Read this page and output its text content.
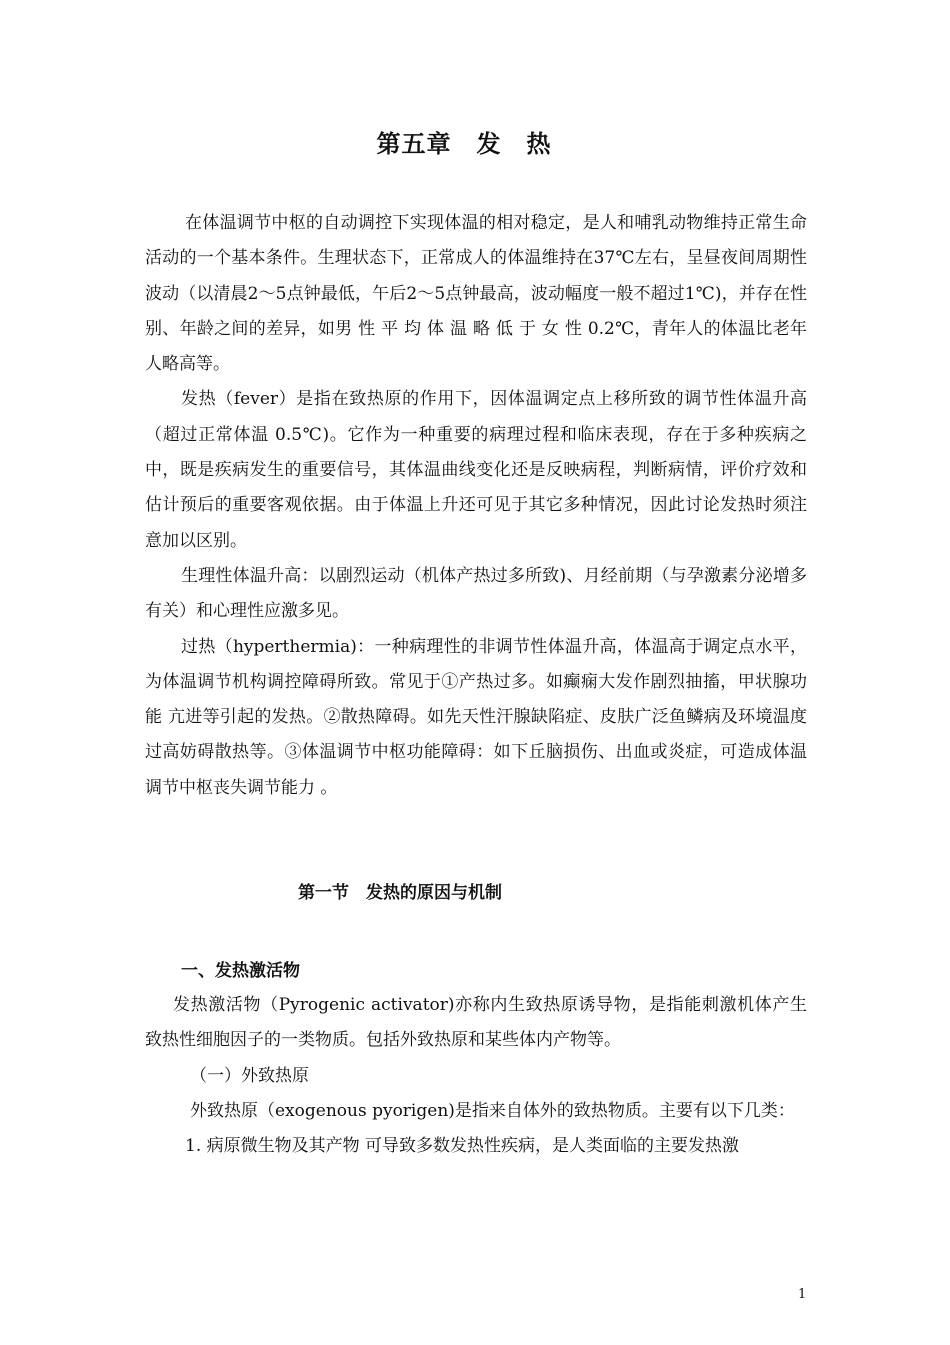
第五章　发　热

在体温调节中枢的自动调控下实现体温的相对稳定，是人和哺乳动物维持正常生命活动的一个基本条件。生理状态下，正常成人的体温维持在37℃左右，呈昼夜间周期性波动（以清晨2～5点钟最低，午后2～5点钟最高，波动幅度一般不超过1℃)，并存在性别、年龄之间的差异，如男 性 平 均 体 温 略 低 于 女 性 0.2℃，青年人的体温比老年人略高等。

发热（fever）是指在致热原的作用下，因体温调定点上移所致的调节性体温升高（超过正常体温 0.5℃)。它作为一种重要的病理过程和临床表现，存在于多种疾病之中，既是疾病发生的重要信号，其体温曲线变化还是反映病程，判断病情，评价疗效和估计预后的重要客观依据。由于体温上升还可见于其它多种情况，因此讨论发热时须注意加以区别。

生理性体温升高：以剧烈运动（机体产热过多所致)、月经前期（与孕激素分泌增多有关）和心理性应激多见。

过热（hyperthermia)：一种病理性的非调节性体温升高，体温高于调定点水平，为体温调节机构调控障碍所致。常见于①产热过多。如癫痫大发作剧烈抽搐，甲状腺功能 亢进等引起的发热。②散热障碍。如先天性汗腺缺陷症、皮肤广泛鱼鳞病及环境温度过高妨碍散热等。③体温调节中枢功能障碍：如下丘脑损伤、出血或炎症，可造成体温调节中枢丧失调节能力 。

第一节　发热的原因与机制
一、发热激活物

发热激活物（Pyrogenic activator)亦称内生致热原诱导物，是指能刺激机体产生致热性细胞因子的一类物质。包括外致热原和某些体内产物等。

（一）外致热原

外致热原（exogenous pyorigen)是指来自体外的致热物质。主要有以下几类：

1. 病原微生物及其产物 可导致多数发热性疾病，是人类面临的主要发热激

1
